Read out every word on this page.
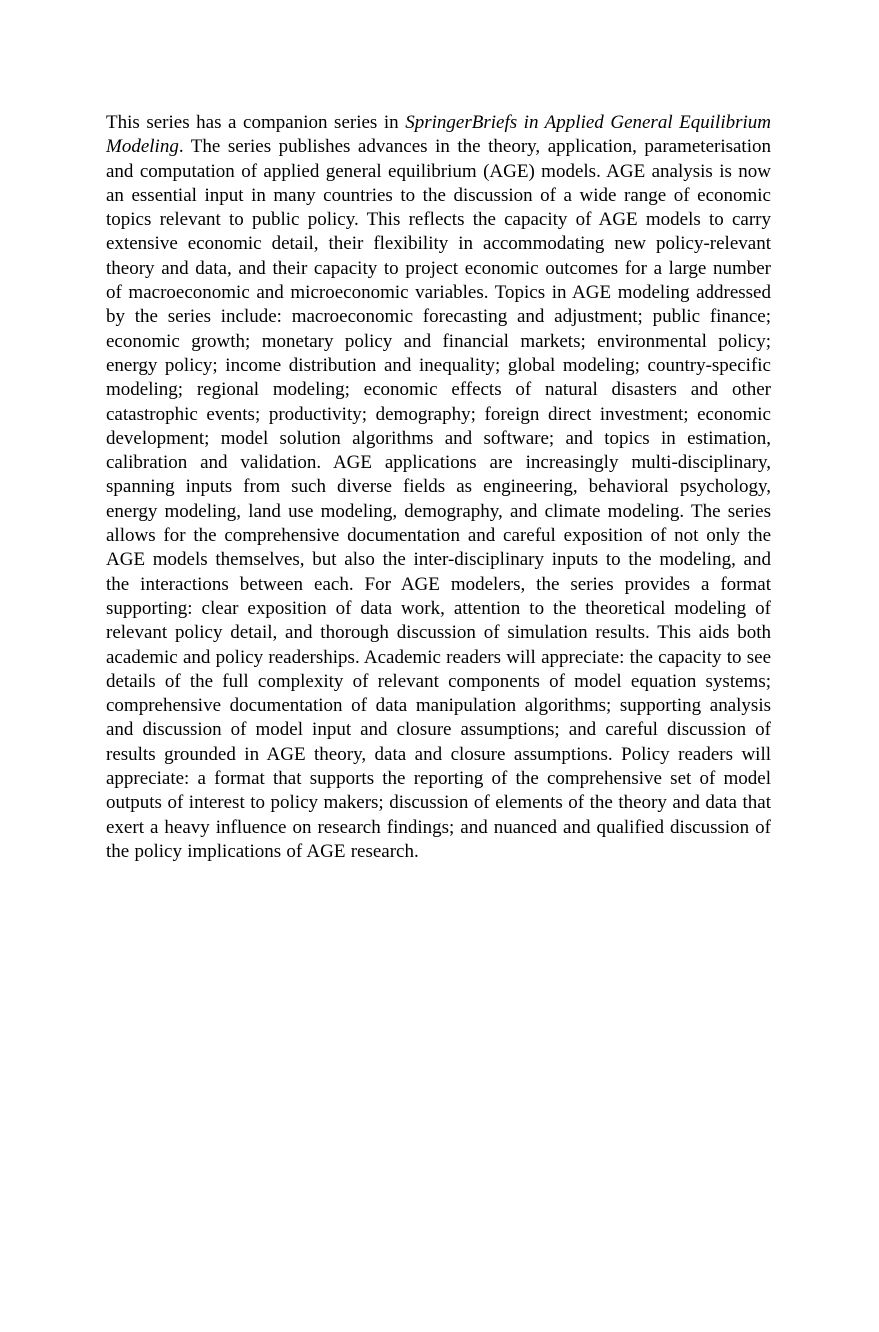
This series has a companion series in SpringerBriefs in Applied General Equilibrium Modeling. The series publishes advances in the theory, application, parameterisation and computation of applied general equilibrium (AGE) models. AGE analysis is now an essential input in many countries to the discussion of a wide range of economic topics relevant to public policy. This reflects the capacity of AGE models to carry extensive economic detail, their flexibility in accommodating new policy-relevant theory and data, and their capacity to project economic outcomes for a large number of macroeconomic and microeconomic variables. Topics in AGE modeling addressed by the series include: macroeconomic forecasting and adjustment; public finance; economic growth; monetary policy and financial markets; environmental policy; energy policy; income distribution and inequality; global modeling; country-specific modeling; regional modeling; economic effects of natural disasters and other catastrophic events; productivity; demography; foreign direct investment; economic development; model solution algorithms and software; and topics in estimation, calibration and validation. AGE applications are increasingly multi-disciplinary, spanning inputs from such diverse fields as engineering, behavioral psychology, energy modeling, land use modeling, demography, and climate modeling. The series allows for the comprehensive documentation and careful exposition of not only the AGE models themselves, but also the inter-disciplinary inputs to the modeling, and the interactions between each. For AGE modelers, the series provides a format supporting: clear exposition of data work, attention to the theoretical modeling of relevant policy detail, and thorough discussion of simulation results. This aids both academic and policy readerships. Academic readers will appreciate: the capacity to see details of the full complexity of relevant components of model equation systems; comprehensive documentation of data manipulation algorithms; supporting analysis and discussion of model input and closure assumptions; and careful discussion of results grounded in AGE theory, data and closure assumptions. Policy readers will appreciate: a format that supports the reporting of the comprehensive set of model outputs of interest to policy makers; discussion of elements of the theory and data that exert a heavy influence on research findings; and nuanced and qualified discussion of the policy implications of AGE research.
